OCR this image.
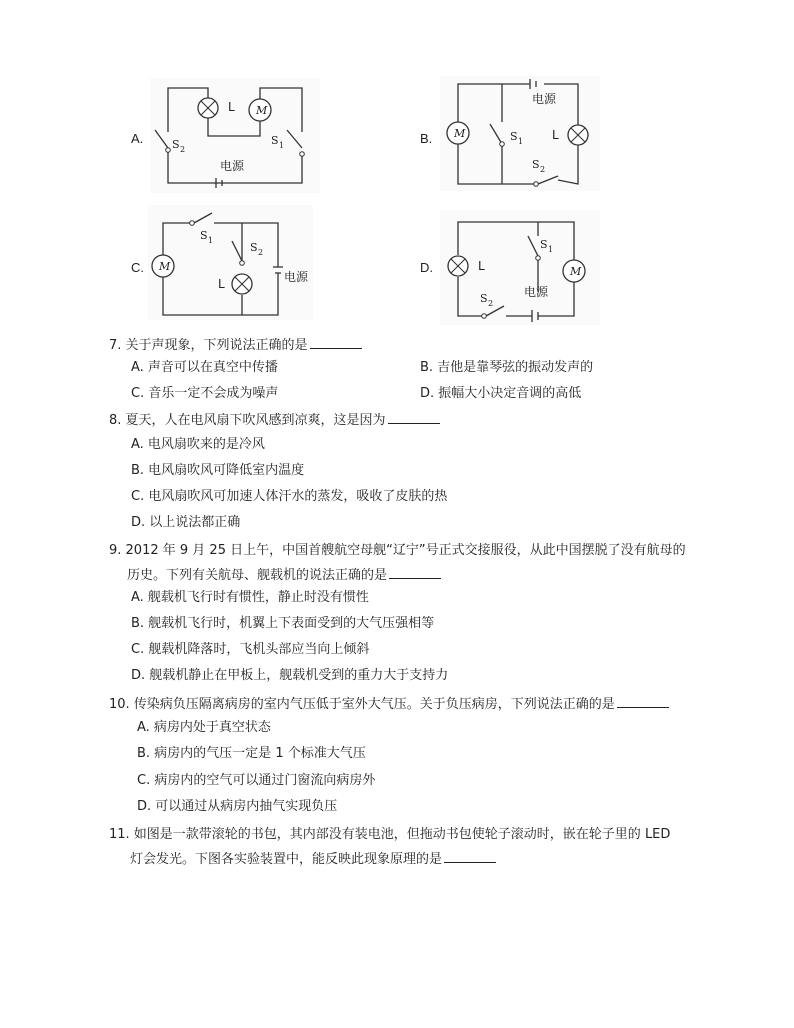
A.
L M
S 2
S 1
电源
B. M	L
S 1
S 2
电源
C. M
L
S 1
S 2
电源
D.	L	M
S 1
S 2
电源
7. 关于声现象，下列说法正确的是
A. 声音可以在真空中传播	B. 吉他是靠琴弦的振动发声的
C. 音乐一定不会成为噪声	D. 振幅大小决定音调的高低
8. 夏天，人在电风扇下吹风感到凉爽，这是因为
A. 电风扇吹来的是冷风
B. 电风扇吹风可降低室内温度
C. 电风扇吹风可加速人体汗水的蒸发，吸收了皮肤的热
D. 以上说法都正确
9. 2012 年 9 月 25 日上午，中国首艘航空母舰“辽宁”号正式交接服役，从此中国摆脱了没有航母的
历史。下列有关航母、舰载机的说法正确的是
A. 舰载机飞行时有惯性，静止时没有惯性
B. 舰载机飞行时，机翼上下表面受到的大气压强相等
C. 舰载机降落时，飞机头部应当向上倾斜
D. 舰载机静止在甲板上，舰载机受到的重力大于支持力
10. 传染病负压隔离病房的室内气压低于室外大气压。关于负压病房，下列说法正确的是
A. 病房内处于真空状态
B. 病房内的气压一定是 1 个标准大气压
C. 病房内的空气可以通过门窗流向病房外
D. 可以通过从病房内抽气实现负压
11. 如图是一款带滚轮的书包，其内部没有装电池，但拖动书包使轮子滚动时，嵌在轮子里的 LED
灯会发光。下图各实验装置中，能反映此现象原理的是
